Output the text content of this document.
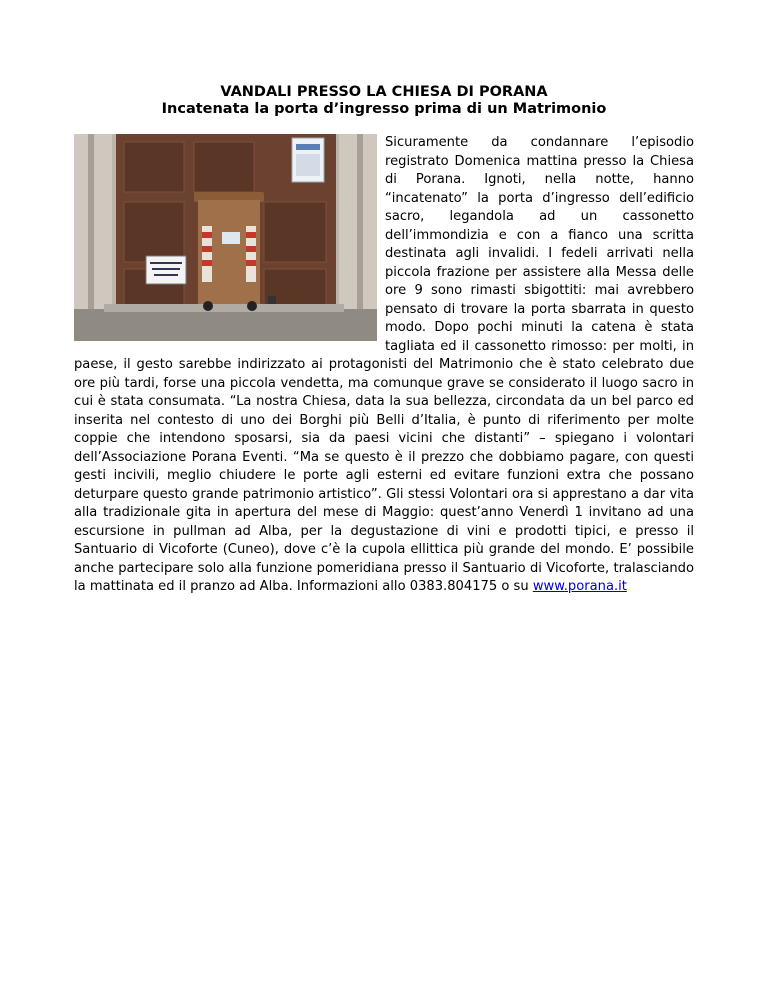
VANDALI PRESSO LA CHIESA DI PORANA
Incatenata la porta d’ingresso prima di un Matrimonio

Sicuramente da condannare l’episodio registrato Domenica mattina presso la Chiesa di Porana. Ignoti, nella notte, hanno “incatenato” la porta d’ingresso dell’edificio sacro, legandola ad un cassonetto dell’immondizia e con a fianco una scritta destinata agli invalidi. I fedeli arrivati nella piccola frazione per assistere alla Messa delle ore 9 sono rimasti sbigottiti: mai avrebbero pensato di trovare la porta sbarrata in questo modo. Dopo pochi minuti la catena è stata tagliata ed il cassonetto rimosso: per molti, in paese, il gesto sarebbe indirizzato ai protagonisti del Matrimonio che è stato celebrato due ore più tardi, forse una piccola vendetta, ma comunque grave se considerato il luogo sacro in cui è stata consumata. “La nostra Chiesa, data la sua bellezza, circondata da un bel parco ed inserita nel contesto di uno dei Borghi più Belli d’Italia, è punto di riferimento per molte coppie che intendono sposarsi, sia da paesi vicini che distanti” – spiegano i volontari dell’Associazione Porana Eventi. “Ma se questo è il prezzo che dobbiamo pagare, con questi gesti incivili, meglio chiudere le porte agli esterni ed evitare funzioni extra che possano deturpare questo grande patrimonio artistico”. Gli stessi Volontari ora si apprestano a dar vita alla tradizionale gita in apertura del mese di Maggio: quest’anno Venerdì 1 invitano ad una escursione in pullman ad Alba, per la degustazione di vini e prodotti tipici, e presso il Santuario di Vicoforte (Cuneo), dove c’è la cupola ellittica più grande del mondo. E’ possibile anche partecipare solo alla funzione pomeridiana presso il Santuario di Vicoforte, tralasciando la mattinata ed il pranzo ad Alba. Informazioni allo 0383.804175 o su www.porana.it
